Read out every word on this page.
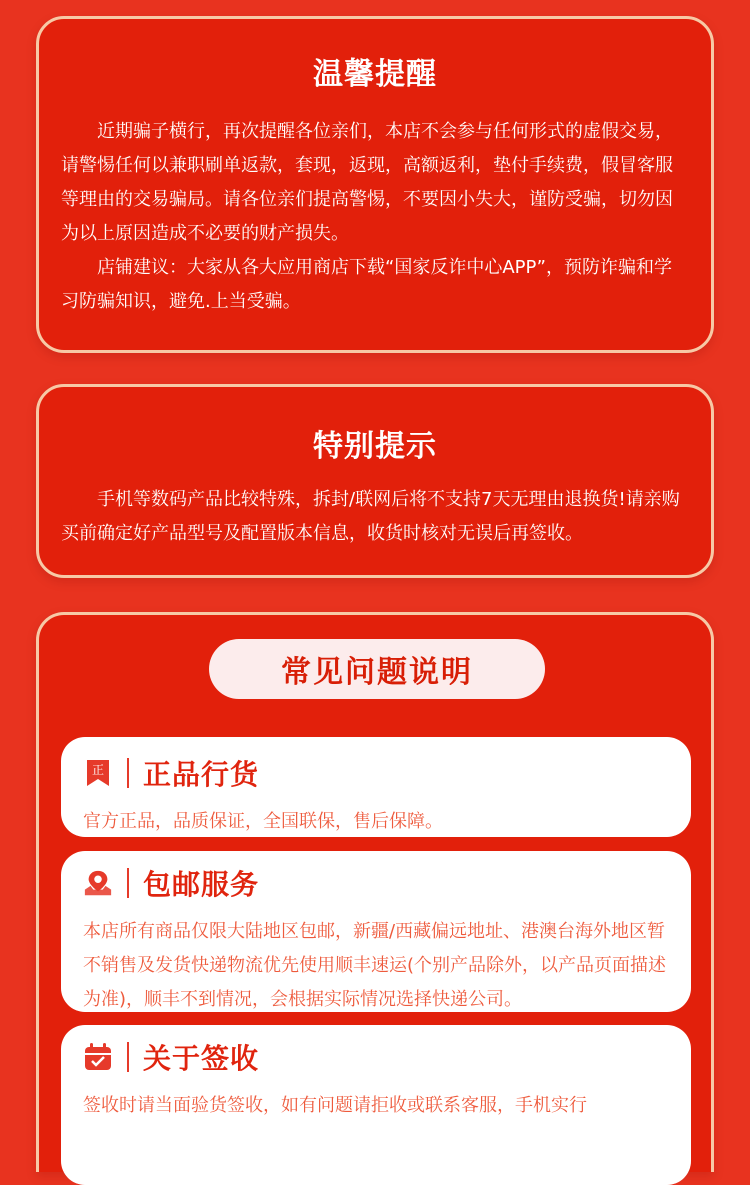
温馨提醒

近期骗子横行，再次提醒各位亲们，本店不会参与任何形式的虚假交易，请警惕任何以兼职刷单返款，套现，返现，高额返利，垫付手续费，假冒客服等理由的交易骗局。请各位亲们提高警惕，不要因小失大，谨防受骗，切勿因为以上原因造成不必要的财产损失。

店铺建议：大家从各大应用商店下载“国家反诈中心APP”，预防诈骗和学习防骗知识，避免.上当受骗。

特别提示

手机等数码产品比较特殊，拆封/联网后将不支持7天无理由退换货!请亲购买前确定好产品型号及配置版本信息，收货时核对无误后再签收。

常见问题说明
正 正品行货

官方正品，品质保证，全国联保，售后保障。

包邮服务

本店所有商品仅限大陆地区包邮，新疆/西藏偏远地址、港澳台海外地区暂不销售及发货快递物流优先使用顺丰速运(个别产品除外，以产品页面描述为准)，顺丰不到情况，会根据实际情况选择快递公司。

关于签收

签收时请当面验货签收，如有问题请拒收或联系客服，手机实行
